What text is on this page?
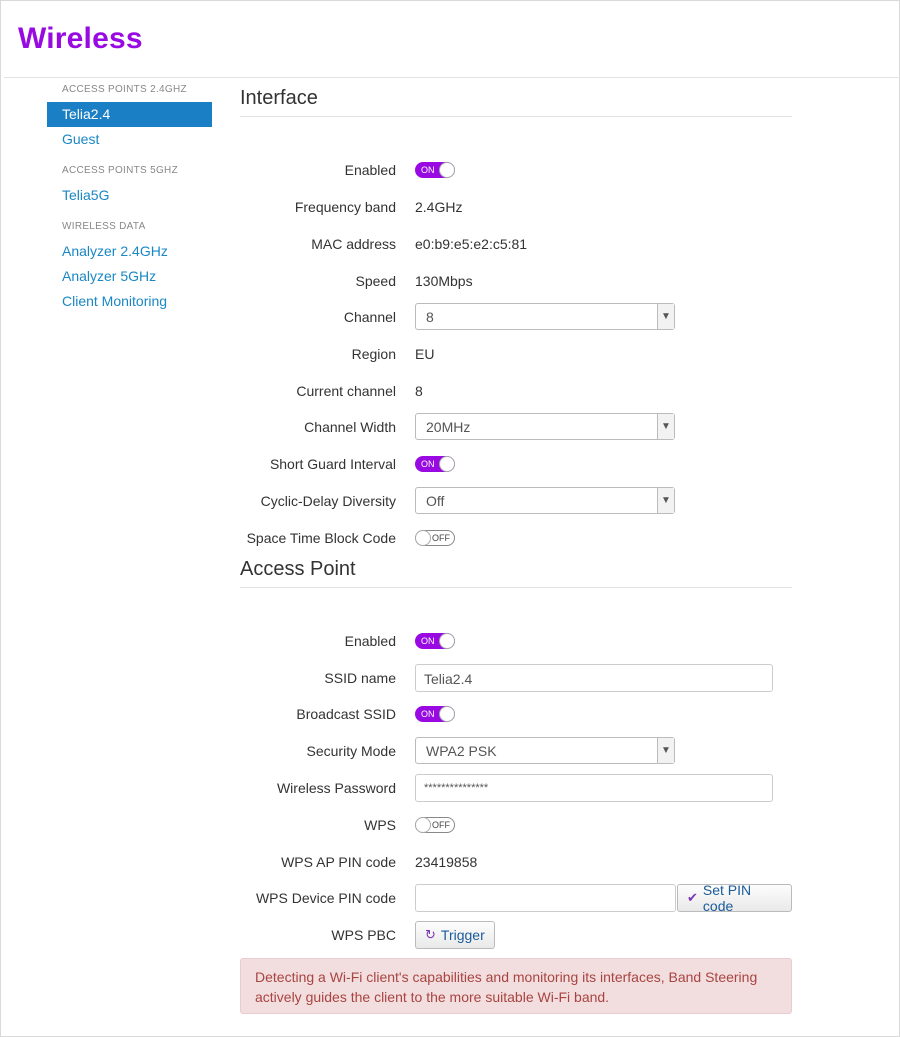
Wireless
ACCESS POINTS 2.4GHZ
Telia2.4
Guest
ACCESS POINTS 5GHZ
Telia5G
WIRELESS DATA
Analyzer 2.4GHz
Analyzer 5GHz
Client Monitoring
Interface
Enabled	ON
Frequency band 2.4GHz
MAC address e0:b9:e5:e2:c5:81
Speed 130Mbps
Channel 8	▼
Region EU
Current channel 8
Channel Width 20MHz	▼
Short Guard Interval	ON
Cyclic-Delay Diversity Off	▼
Space Time Block Code	OFF
Access Point
Enabled	ON
SSID name Telia2.4
Broadcast SSID	ON
Security Mode WPA2 PSK	▼
Wireless Password	***************
WPS	OFF
WPS AP PIN code 23419858
WPS Device PIN code	✔ Set PIN code
WPS PBC ↻ Trigger
Detecting a Wi-Fi client's capabilities and monitoring its interfaces, Band Steering actively guides the client to the more suitable Wi-Fi band.
